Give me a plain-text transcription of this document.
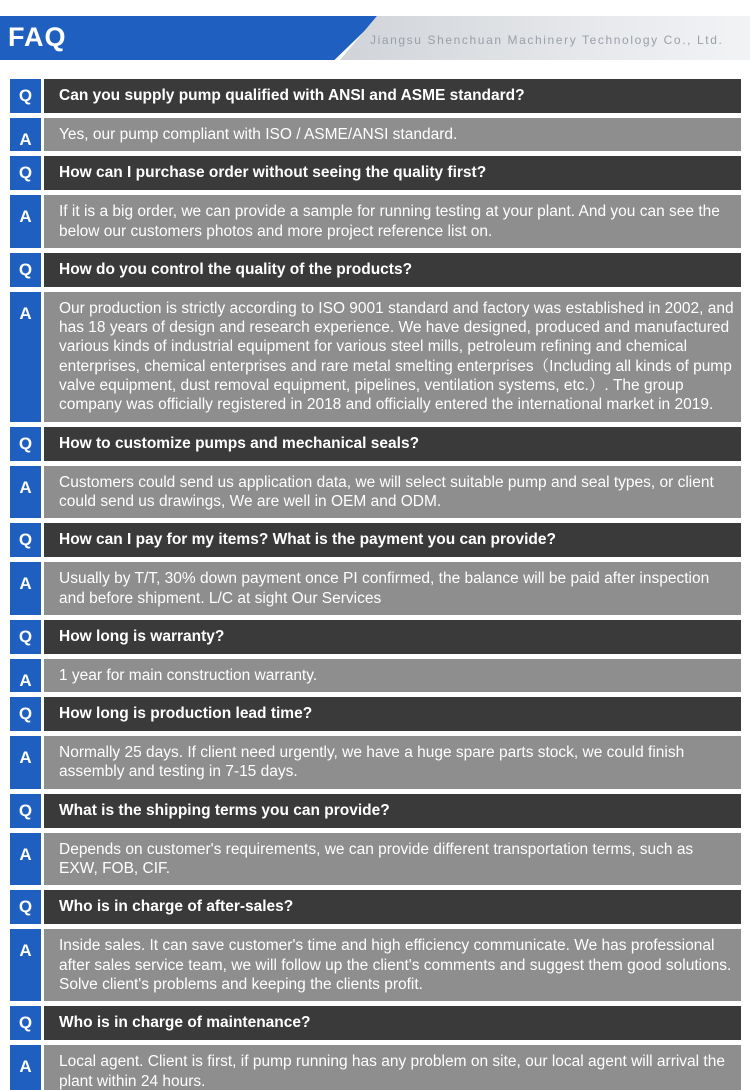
FAQ	Jiangsu Shenchuan Machinery Technology Co., Ltd.
Q	Can you supply pump qualified with ANSI and ASME standard?
A	Yes, our pump compliant with ISO / ASME/ANSI standard.
Q	How can I purchase order without seeing the quality first?
A	If it is a big order, we can provide a sample for running testing at your plant. And you can see the below our customers photos and more project reference list on.
Q	How do you control the quality of the products?
A	Our production is strictly according to ISO 9001 standard and factory was established in 2002, and has 18 years of design and research experience. We have designed, produced and manufactured various kinds of industrial equipment for various steel mills, petroleum refining and chemical enterprises, chemical enterprises and rare metal smelting enterprises（Including all kinds of pump valve equipment, dust removal equipment, pipelines, ventilation systems, etc.）. The group company was officially registered in 2018 and officially entered the international market in 2019.
Q	How to customize pumps and mechanical seals?
A	Customers could send us application data, we will select suitable pump and seal types, or client could send us drawings, We are well in OEM and ODM.
Q	How can I pay for my items? What is the payment you can provide?
A	Usually by T/T, 30% down payment once PI confirmed, the balance will be paid after inspection and before shipment. L/C at sight Our Services
Q	How long is warranty?
A	1 year for main construction warranty.
Q	How long is production lead time?
A	Normally 25 days. If client need urgently, we have a huge spare parts stock, we could finish assembly and testing in 7-15 days.
Q	What is the shipping terms you can provide?
A	Depends on customer's requirements, we can provide different transportation terms, such as EXW, FOB, CIF.
Q	Who is in charge of after-sales?
A	Inside sales. It can save customer's time and high efficiency communicate. We has professional after sales service team, we will follow up the client's comments and suggest them good solutions. Solve client's problems and keeping the clients profit.
Q	Who is in charge of maintenance?
A	Local agent. Client is first, if pump running has any problem on site, our local agent will arrival the plant within 24 hours.
